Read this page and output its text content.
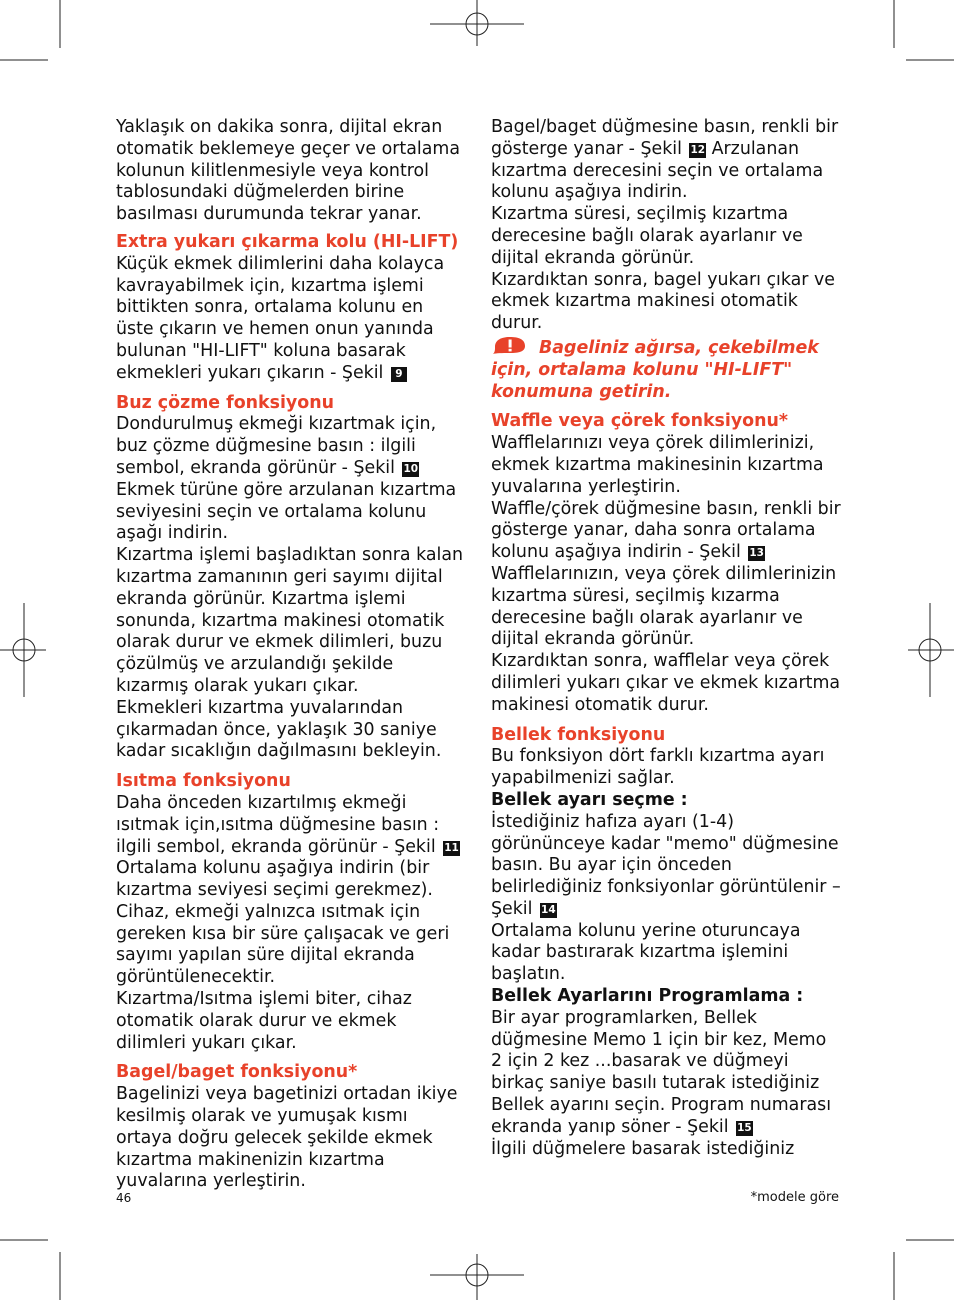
Yaklaşık on dakika sonra, dijital ekran otomatik beklemeye geçer ve ortalama kolunun kilitlenmesiyle veya kontrol tablosundaki düğmelerden birine basılması durumunda tekrar yanar.

Extra yukarı çıkarma kolu (HI-LIFT)

Küçük ekmek dilimlerini daha kolayca kavrayabilmek için, kızartma işlemi bittikten sonra, ortalama kolunu en üste çıkarın ve hemen onun yanında bulunan "HI-LIFT" koluna basarak ekmekleri yukarı çıkarın - Şekil 9

Buz çözme fonksiyonu

Dondurulmuş ekmeği kızartmak için, buz çözme düğmesine basın : ilgili sembol, ekranda görünür - Şekil 10 Ekmek türüne göre arzulanan kızartma seviyesini seçin ve ortalama kolunu aşağı indirin.

Kızartma işlemi başladıktan sonra kalan kızartma zamanının geri sayımı dijital ekranda görünür. Kızartma işlemi sonunda, kızartma makinesi otomatik olarak durur ve ekmek dilimleri, buzu çözülmüş ve arzulandığı şekilde kızarmış olarak yukarı çıkar.

Ekmekleri kızartma yuvalarından çıkarmadan önce, yaklaşık 30 saniye kadar sıcaklığın dağılmasını bekleyin.

Isıtma fonksiyonu

Daha önceden kızartılmış ekmeği ısıtmak için,ısıtma düğmesine basın : ilgili sembol, ekranda görünür - Şekil 11

Ortalama kolunu aşağıya indirin (bir kızartma seviyesi seçimi gerekmez).

Cihaz, ekmeği yalnızca ısıtmak için gereken kısa bir süre çalışacak ve geri sayımı yapılan süre dijital ekranda görüntülenecektir.

Kızartma/Isıtma işlemi biter, cihaz otomatik olarak durur ve ekmek dilimleri yukarı çıkar.

Bagel/baget fonksiyonu*

Bagelinizi veya bagetinizi ortadan ikiye kesilmiş olarak ve yumuşak kısmı ortaya doğru gelecek şekilde ekmek kızartma makinenizin kızartma yuvalarına yerleştirin.

Bagel/baget düğmesine basın, renkli bir gösterge yanar - Şekil 12 Arzulanan kızartma derecesini seçin ve ortalama kolunu aşağıya indirin.

Kızartma süresi, seçilmiş kızartma derecesine bağlı olarak ayarlanır ve dijital ekranda görünür.

Kızardıktan sonra, bagel yukarı çıkar ve ekmek kızartma makinesi otomatik durur.

Bageliniz ağırsa, çekebilmek için, ortalama kolunu "HI-LIFT" konumuna getirin.

Waffle veya çörek fonksiyonu*

Wafflelarınızı veya çörek dilimlerinizi, ekmek kızartma makinesinin kızartma yuvalarına yerleştirin.

Waffle/çörek düğmesine basın, renkli bir gösterge yanar, daha sonra ortalama kolunu aşağıya indirin - Şekil 13

Wafflelarınızın, veya çörek dilimlerinizin kızartma süresi, seçilmiş kızarma derecesine bağlı olarak ayarlanır ve dijital ekranda görünür.

Kızardıktan sonra, wafflelar veya çörek dilimleri yukarı çıkar ve ekmek kızartma makinesi otomatik durur.

Bellek fonksiyonu

Bu fonksiyon dört farklı kızartma ayarı yapabilmenizi sağlar.

Bellek ayarı seçme :

İstediğiniz hafıza ayarı (1-4) görününceye kadar "memo" düğmesine basın. Bu ayar için önceden belirlediğiniz fonksiyonlar görüntülenir – Şekil 14

Ortalama kolunu yerine oturuncaya kadar bastırarak kızartma işlemini başlatın.

Bellek Ayarlarını Programlama :

Bir ayar programlarken, Bellek düğmesine Memo 1 için bir kez, Memo 2 için 2 kez ...basarak ve düğmeyi birkaç saniye basılı tutarak istediğiniz Bellek ayarını seçin. Program numarası ekranda yanıp söner - Şekil 15

İlgili düğmelere basarak istediğiniz

46	*modele göre
